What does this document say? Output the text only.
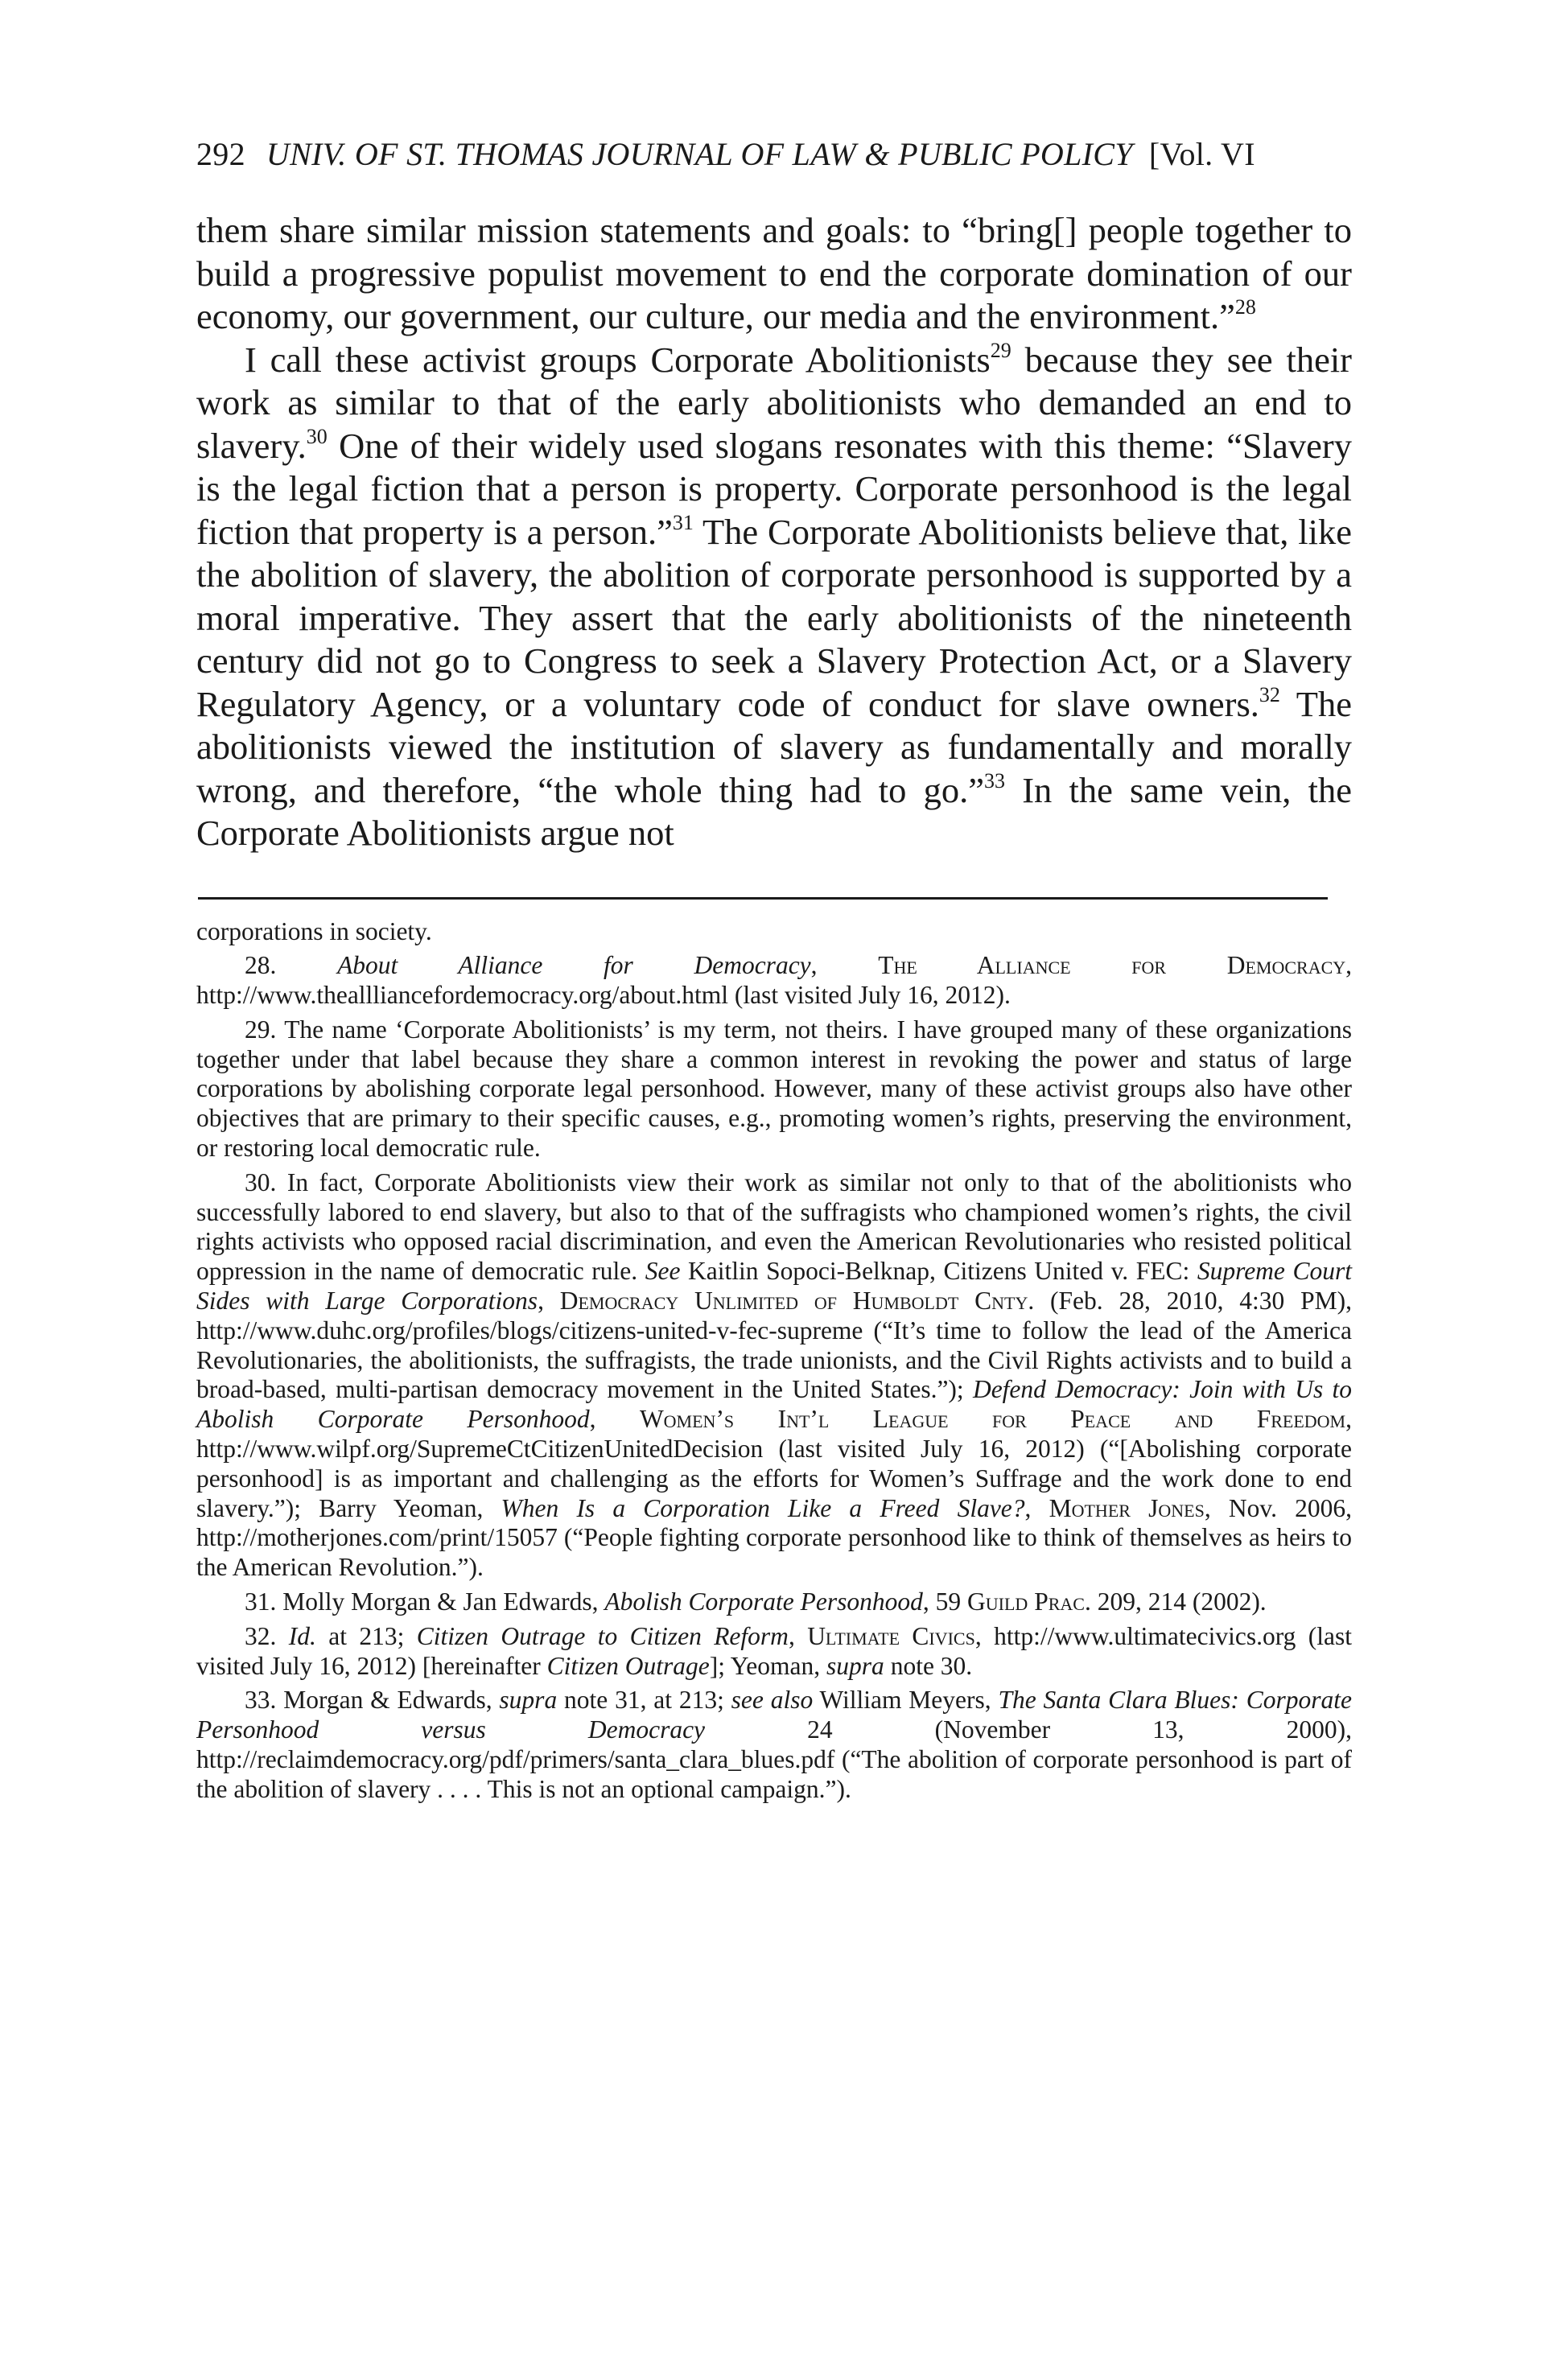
292 UNIV. OF ST. THOMAS JOURNAL OF LAW & PUBLIC POLICY [Vol. VI

them share similar mission statements and goals: to “bring[] people together to build a progressive populist movement to end the corporate domination of our economy, our government, our culture, our media and the environment.”$^{28}$

I call these activist groups Corporate Abolitionists$^{29}$ because they see their work as similar to that of the early abolitionists who demanded an end to slavery.$^{30}$ One of their widely used slogans resonates with this theme: “Slavery is the legal fiction that a person is property. Corporate personhood is the legal fiction that property is a person.”$^{31}$ The Corporate Abolitionists believe that, like the abolition of slavery, the abolition of corporate personhood is supported by a moral imperative. They assert that the early abolitionists of the nineteenth century did not go to Congress to seek a Slavery Protection Act, or a Slavery Regulatory Agency, or a voluntary code of conduct for slave owners.$^{32}$ The abolitionists viewed the institution of slavery as fundamentally and morally wrong, and therefore, “the whole thing had to go.”$^{33}$ In the same vein, the Corporate Abolitionists argue not

corporations in society.

28. About Alliance for Democracy, The Alliance for Democracy, http://www.theallliancefordemocracy.org/about.html (last visited July 16, 2012).

29. The name ‘Corporate Abolitionists’ is my term, not theirs. I have grouped many of these organizations together under that label because they share a common interest in revoking the power and status of large corporations by abolishing corporate legal personhood. However, many of these activist groups also have other objectives that are primary to their specific causes, e.g., promoting women’s rights, preserving the environment, or restoring local democratic rule.

30. In fact, Corporate Abolitionists view their work as similar not only to that of the abolitionists who successfully labored to end slavery, but also to that of the suffragists who championed women’s rights, the civil rights activists who opposed racial discrimination, and even the American Revolutionaries who resisted political oppression in the name of democratic rule. See Kaitlin Sopoci-Belknap, Citizens United v. FEC: Supreme Court Sides with Large Corporations, Democracy Unlimited of Humboldt Cnty. (Feb. 28, 2010, 4:30 PM), http://www.duhc.org/profiles/blogs/citizens-united-v-fec-supreme (“It’s time to follow the lead of the America Revolutionaries, the abolitionists, the suffragists, the trade unionists, and the Civil Rights activists and to build a broad-based, multi-partisan democracy movement in the United States.”); Defend Democracy: Join with Us to Abolish Corporate Personhood, Women’s Int’l League for Peace and Freedom, http://www.wilpf.org/SupremeCtCitizenUnitedDecision (last visited July 16, 2012) (“[Abolishing corporate personhood] is as important and challenging as the efforts for Women’s Suffrage and the work done to end slavery.”); Barry Yeoman, When Is a Corporation Like a Freed Slave?, Mother Jones, Nov. 2006, http://motherjones.com/print/15057 (“People fighting corporate personhood like to think of themselves as heirs to the American Revolution.”).

31. Molly Morgan & Jan Edwards, Abolish Corporate Personhood, 59 Guild Prac. 209, 214 (2002).

32. Id. at 213; Citizen Outrage to Citizen Reform, Ultimate Civics, http://www.ultimatecivics.org (last visited July 16, 2012) [hereinafter Citizen Outrage]; Yeoman, supra note 30.

33. Morgan & Edwards, supra note 31, at 213; see also William Meyers, The Santa Clara Blues: Corporate Personhood versus Democracy 24 (November 13, 2000), http://reclaimdemocracy.org/pdf/primers/santa_clara_blues.pdf (“The abolition of corporate personhood is part of the abolition of slavery . . . . This is not an optional campaign.”).
